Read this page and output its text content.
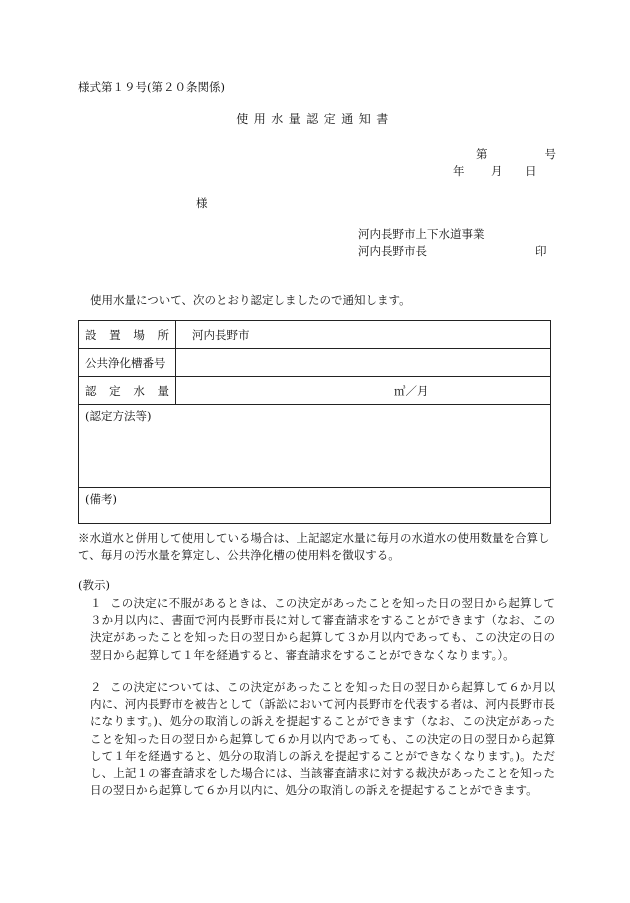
様式第１９号(第２０条関係)
使用水量認定通知書
第	号
年 月 日
様
河内長野市上下水道事業
河内長野市長	印
使用水量について、次のとおり認定しましたので通知します。
設 置 場 所	河内長野市
公共浄化槽番号	

認 定 水 量	㎥／月
(認定方法等)	
(備考)	
※水道水と併用して使用している場合は、上記認定水量に毎月の水道水の使用数量を合算して、毎月の汚水量を算定し、公共浄化槽の使用料を徴収する。
(教示)
１ この決定に不服があるときは、この決定があったことを知った日の翌日から起算して３か月以内に、書面で河内長野市長に対して審査請求をすることができます（なお、この決定があったことを知った日の翌日から起算して３か月以内であっても、この決定の日の翌日から起算して１年を経過すると、審査請求をすることができなくなります。）。
２ この決定については、この決定があったことを知った日の翌日から起算して６か月以内に、河内長野市を被告として（訴訟において河内長野市を代表する者は、河内長野市長になります。)、処分の取消しの訴えを提起することができます（なお、この決定があったことを知った日の翌日から起算して６か月以内であっても、この決定の日の翌日から起算して１年を経過すると、処分の取消しの訴えを提起することができなくなります。)。ただし、上記１の審査請求をした場合には、当該審査請求に対する裁決があったことを知った日の翌日から起算して６か月以内に、処分の取消しの訴えを提起することができます。
